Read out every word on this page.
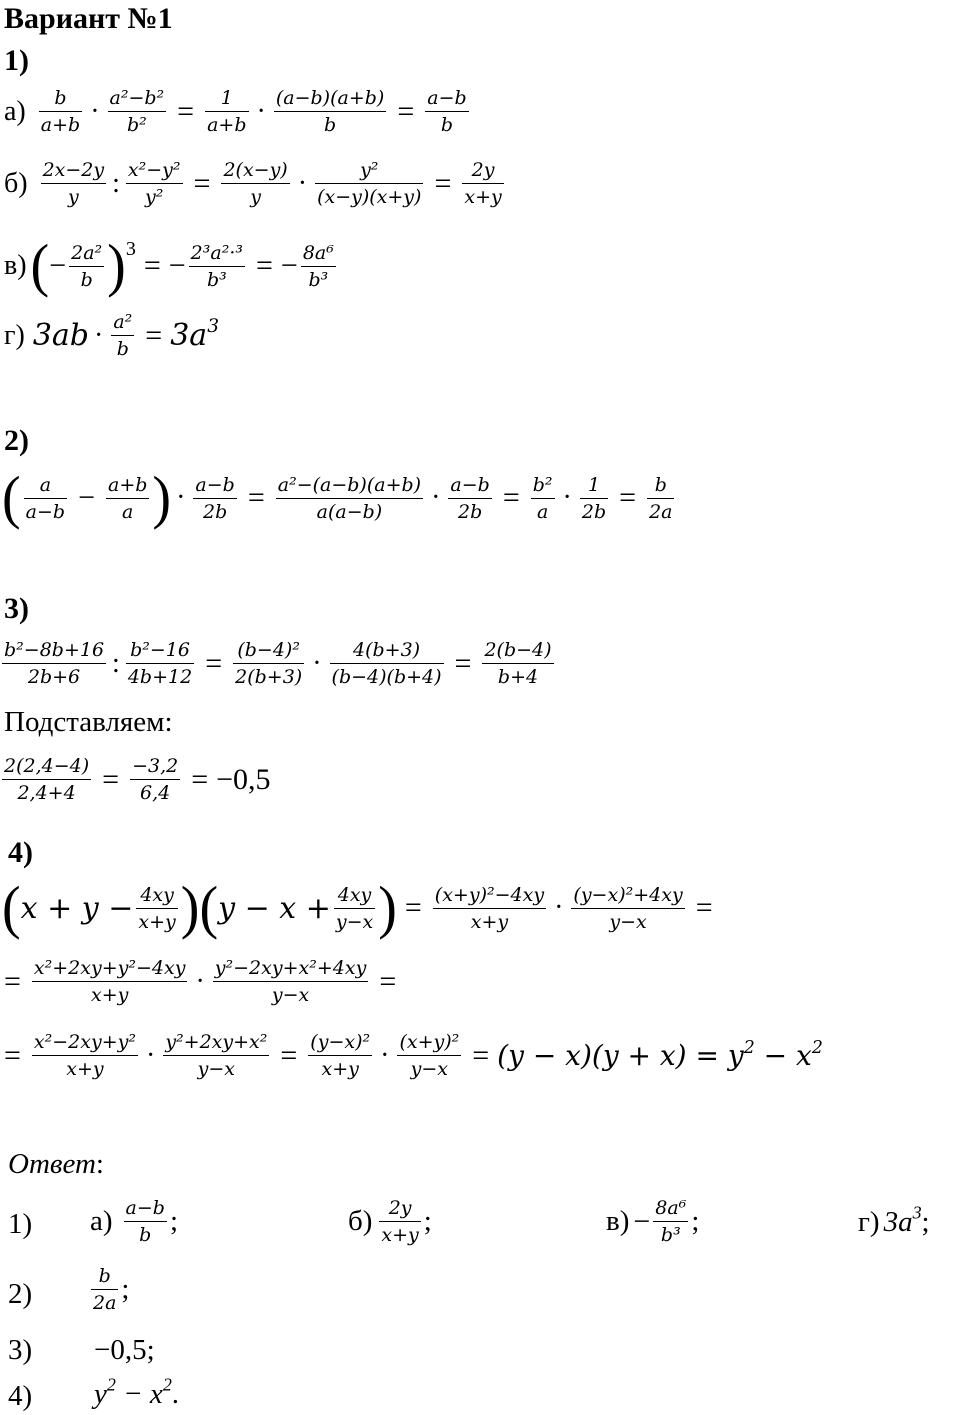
Вариант №1
1)
$а) \frac{b}{a+b} \cdot \frac{\text{a²−b²}}{\text{b²}} = \frac{1}{a+b} \cdot \frac{(a-b)(a+b)}{b} = \frac{a-b}{b}$
$б) \frac{2x-2y}{y}$ : $\frac{\text{x²−y²}}{\text{y²}} = \frac{2(x-y)}{y} \cdot \frac{\text{y²}}{(x-y)(x+y)} = \frac{2y}{x+y}$
в) ( − $\frac{\text{2a²}}{b}$ ) 3 = − $\frac{\text{2³a²·³}}{\text{b³}}$ = − $\frac{\text{8a⁶}}{\text{b³}}$
г) $3ab \cdot \frac{\text{a²}}{b} = 3a^3$
2)
( $\frac{a}{a-b} - \frac{a+b}{a}$ ) · $\frac{a-b}{2b} = \frac{\text{a²−(a−b)(a+b)}}{a(a-b)} \cdot \frac{a-b}{2b} = \frac{\text{b²}}{a} \cdot \frac{1}{2b} = \frac{b}{2a}$
3)
$\frac{\text{b²−8b+16}}{2b+6}$ : $\frac{\text{b²−16}}{4b+12} = \frac{\text{(b−4)²}}{2(b+3)} \cdot \frac{4(b+3)}{(b-4)(b+4)} = \frac{2(b-4)}{b+4}$
Подставляем:
$\frac{2(2,4-4)}{2,4+4} = \frac{-3,2}{6,4} = -0,5$
4)
( $x + y - \frac{4xy}{x+y}$ ) ( $y - x + \frac{4xy}{y-x}$ ) = $\frac{\text{(x+y)²−4xy}}{x+y} \cdot \frac{\text{(y−x)²+4xy}}{y-x}$ =
= $\frac{\text{x²+2xy+y²−4xy}}{x+y} \cdot \frac{\text{y²−2xy+x²+4xy}}{y-x}$ =
= $\frac{\text{x²−2xy+y²}}{x+y} \cdot \frac{\text{y²+2xy+x²}}{y-x} = \frac{\text{(y−x)²}}{x+y} \cdot \frac{\text{(x+y)²}}{y-x} = (y - x)(y + x) = y^2 - x^2$
Ответ:
1) $а) \frac{a-b}{b}$ ;	$б) \frac{2y}{x+y}$ ;	$в) - \frac{\text{8a⁶}}{\text{b³}}$ ;	г) $3a^3$ ;
2)	$\frac{b}{2a}$ ;
3) −0,5;
4) $y^2 - x^2$.
